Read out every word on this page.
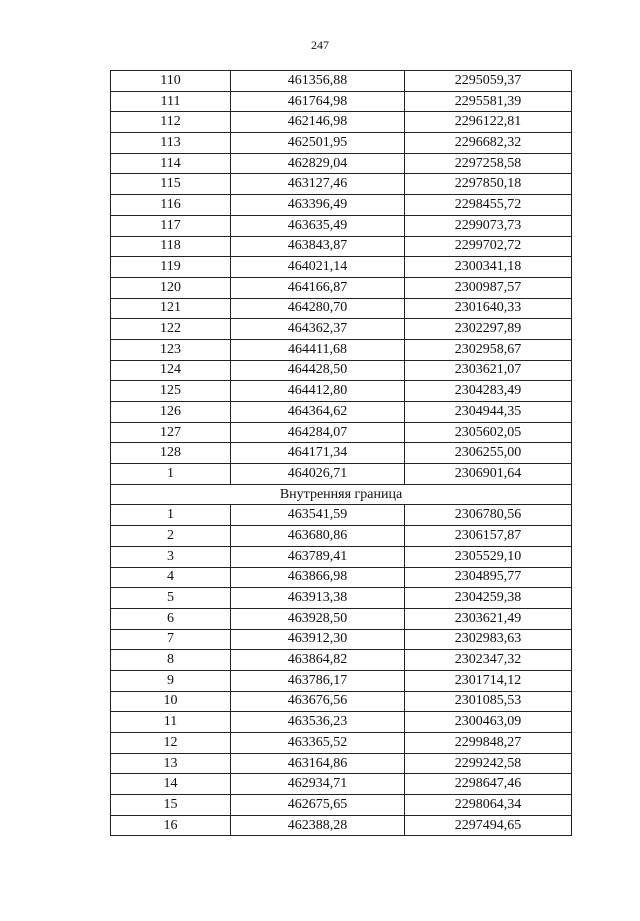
247
110	461356,88	2295059,37
111	461764,98	2295581,39
112	462146,98	2296122,81
113	462501,95	2296682,32
114	462829,04	2297258,58
115	463127,46	2297850,18
116	463396,49	2298455,72
117	463635,49	2299073,73
118	463843,87	2299702,72
119	464021,14	2300341,18
120	464166,87	2300987,57
121	464280,70	2301640,33
122	464362,37	2302297,89
123	464411,68	2302958,67
124	464428,50	2303621,07
125	464412,80	2304283,49
126	464364,62	2304944,35
127	464284,07	2305602,05
128	464171,34	2306255,00
1	464026,71	2306901,64
Внутренняя граница		
1	463541,59	2306780,56
2	463680,86	2306157,87
3	463789,41	2305529,10
4	463866,98	2304895,77
5	463913,38	2304259,38
6	463928,50	2303621,49
7	463912,30	2302983,63
8	463864,82	2302347,32
9	463786,17	2301714,12
10	463676,56	2301085,53
11	463536,23	2300463,09
12	463365,52	2299848,27
13	463164,86	2299242,58
14	462934,71	2298647,46
15	462675,65	2298064,34
16	462388,28	2297494,65
